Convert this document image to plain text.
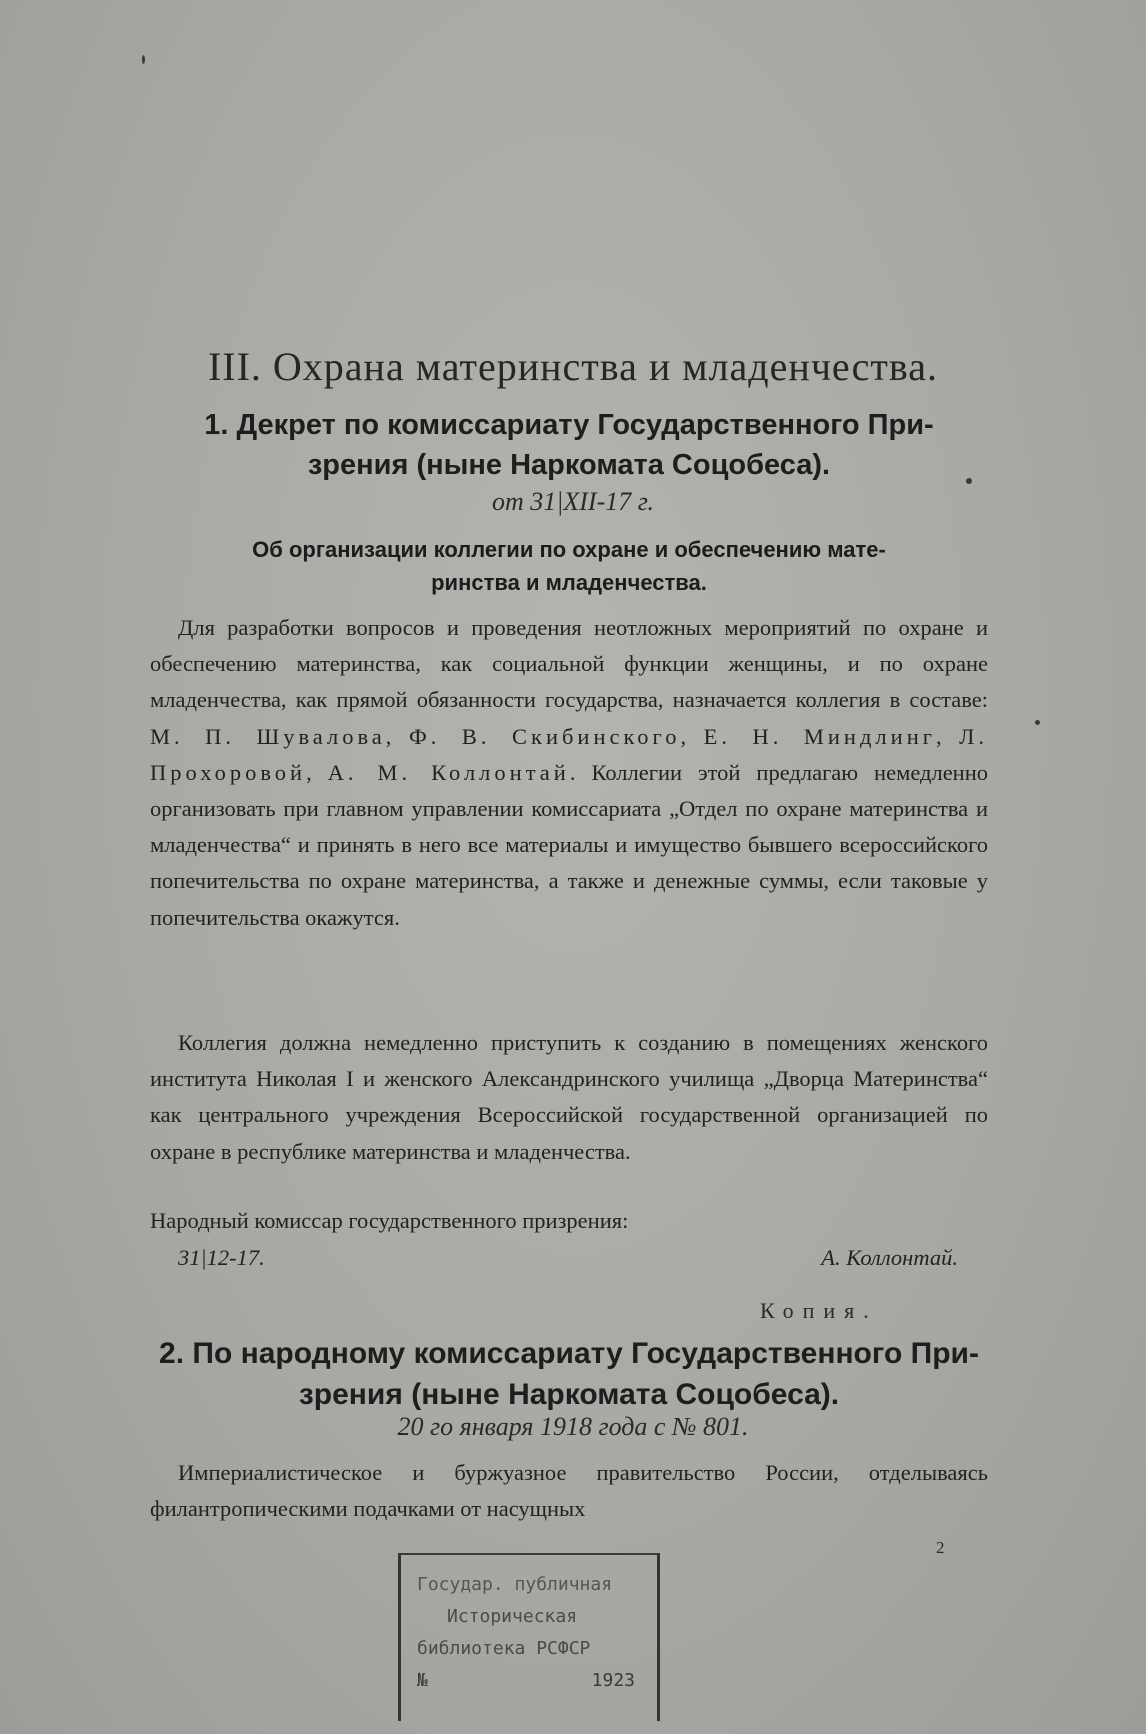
III. Охрана материнства и младенчества.
1. Декрет по комиссариату Государственного При-
зрения (ныне Наркомата Соцобеса).
от 31|XII-17 г.
Об организации коллегии по охране и обеспечению мате-
ринства и младенчества.
Для разработки вопросов и проведения неотложных мероприятий по охране и обеспечению материнства, как социальной функции женщины, и по охране младенчества, как прямой обязанности государства, назначается коллегия в составе: М. П. Шувалова, Ф. В. Скибинского, Е. Н. Миндлинг, Л. Прохоровой, А. М. Коллонтай. Коллегии этой предлагаю немедленно организовать при главном управлении комиссариата „Отдел по охране материнства и младенчества“ и принять в него все материалы и имущество бывшего всероссийского попечительства по охране материнства, а также и денежные суммы, если таковые у попечительства окажутся.
Коллегия должна немедленно приступить к созданию в помещениях женского института Николая I и женского Александринского училища „Дворца Материнства“ как центрального учреждения Всероссийской государственной организацией по охране в республике материнства и младенчества.
Народный комиссар государственного призрения:
31|12-17.	А. Коллонтай.
Копия.
2. По народному комиссариату Государственного При-
зрения (ныне Наркомата Соцобеса).
20 го января 1918 года с № 801.
Империалистическое и буржуазное правительство России, отделываясь филантропическими подачками от насущных
2
Государ. публичная
Историческая
библиотека РСФСР
№	1923
